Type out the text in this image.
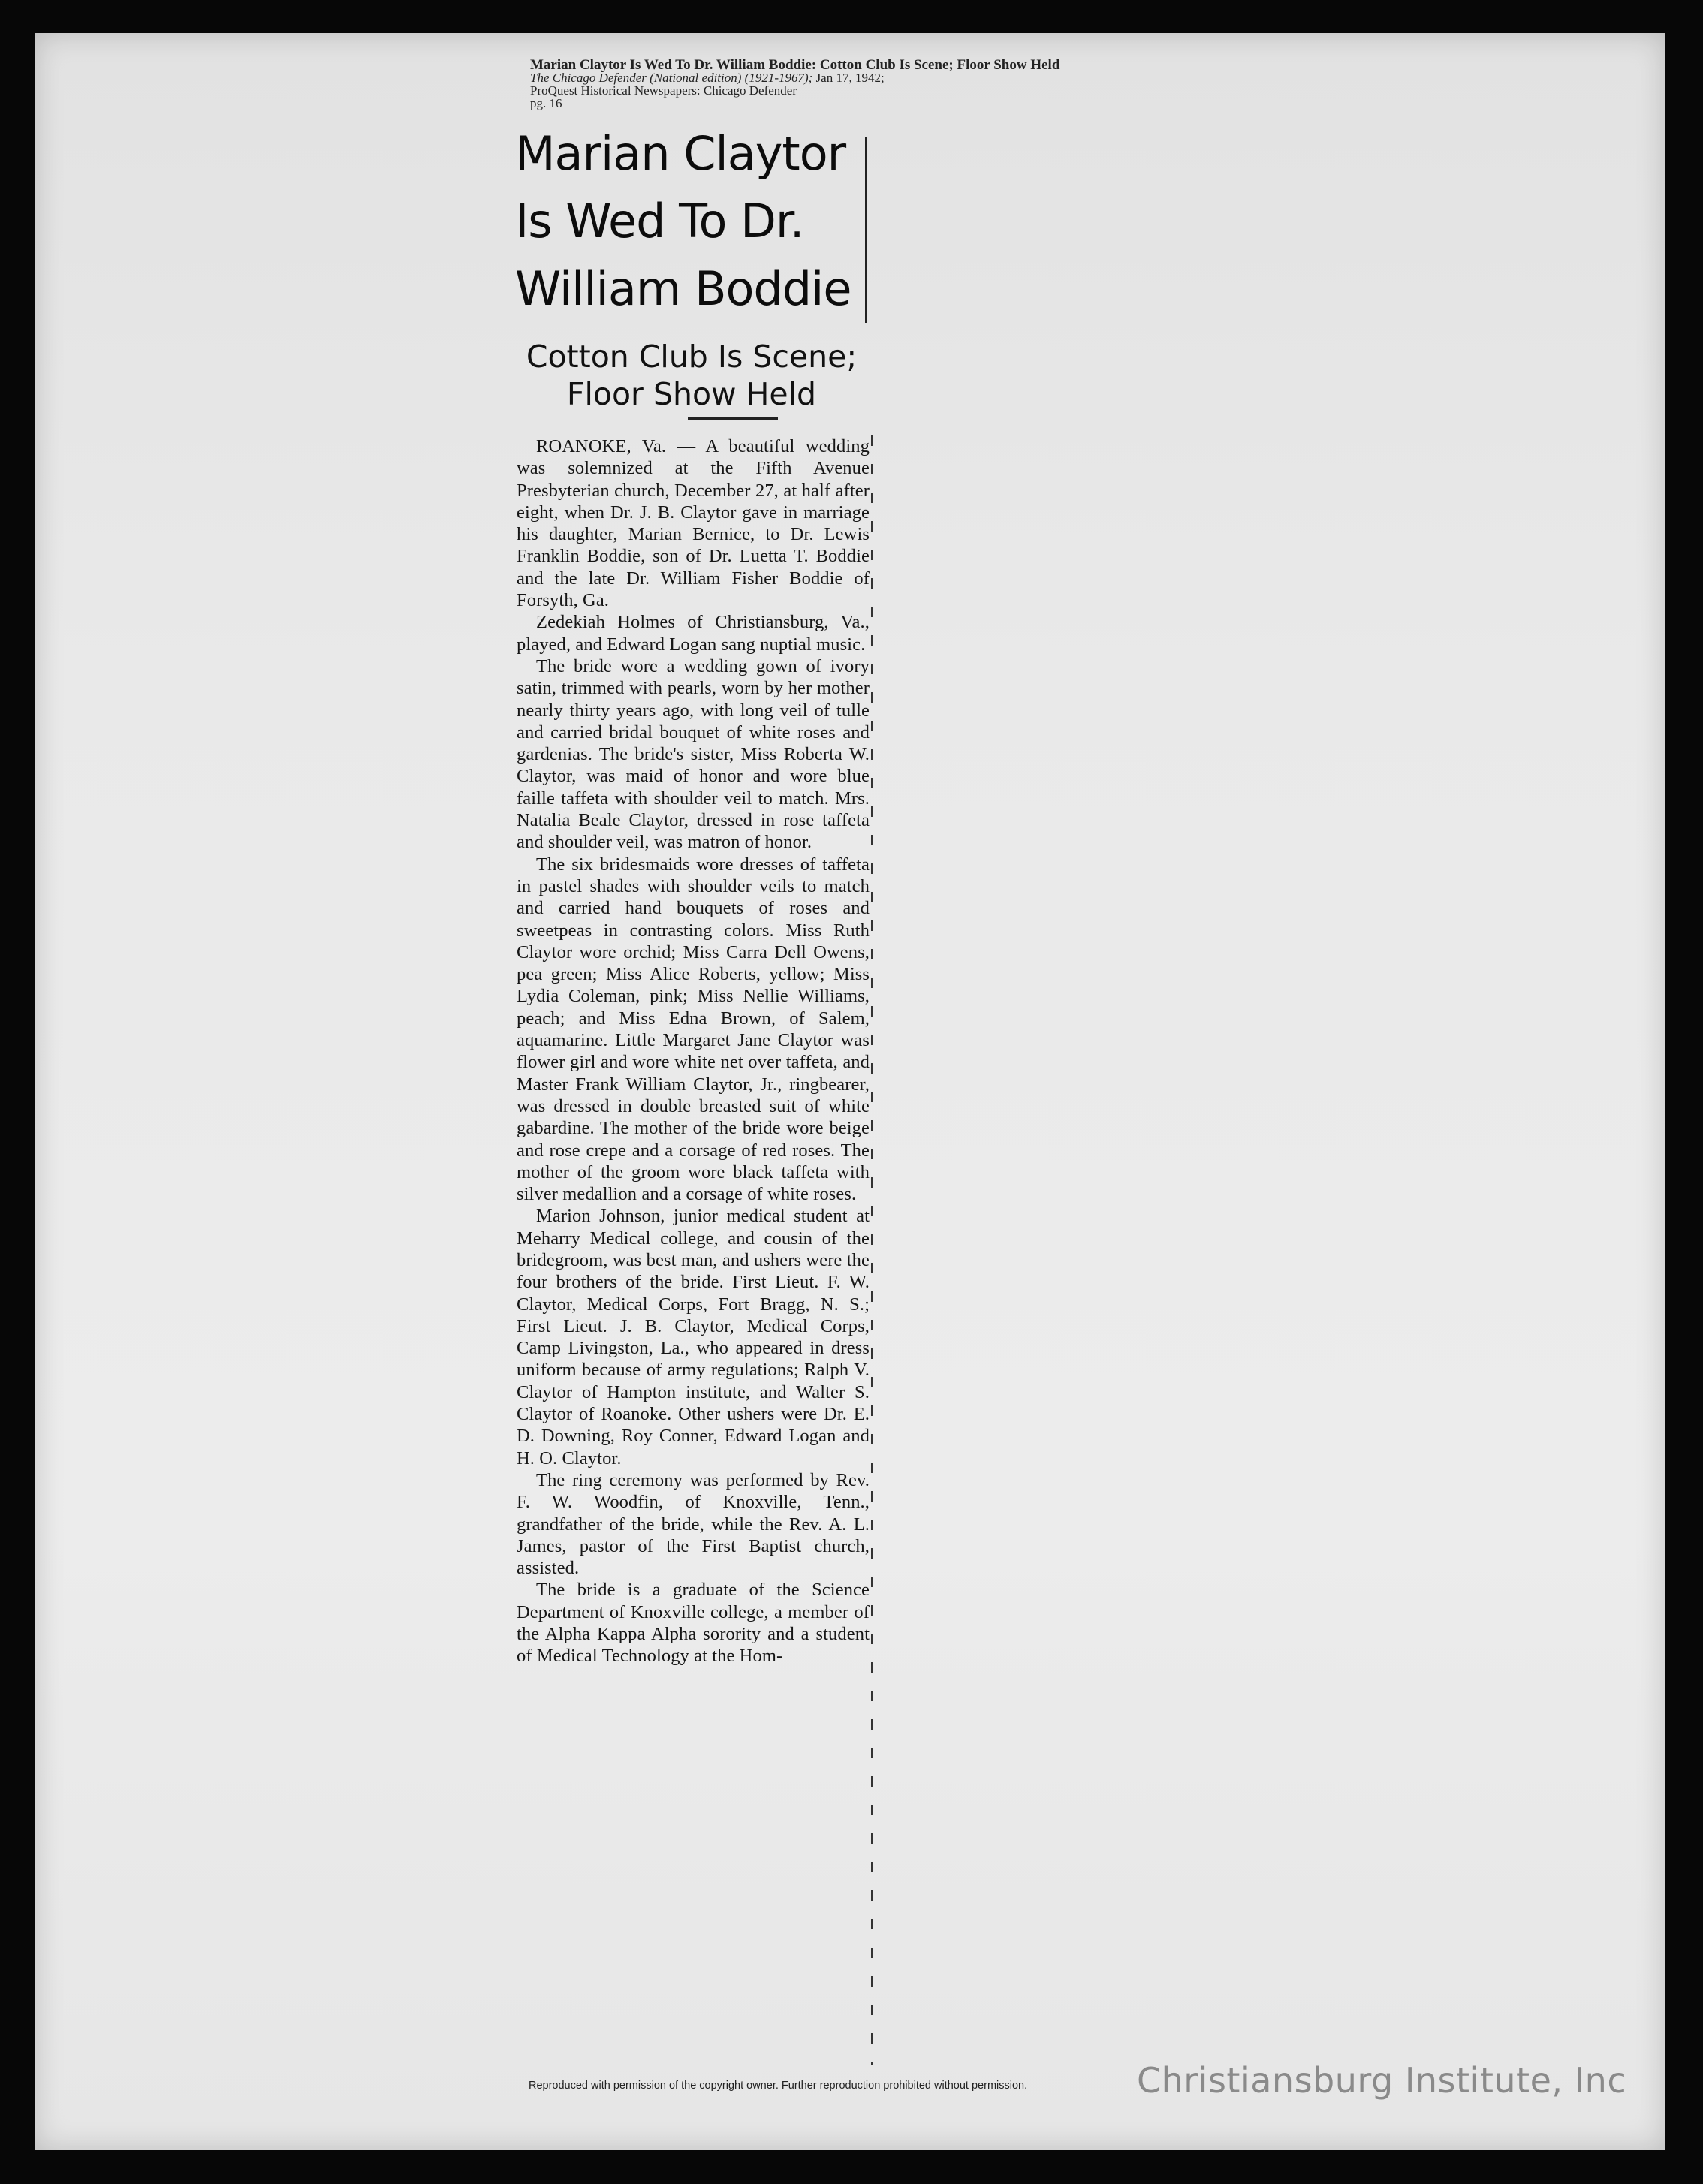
Marian Claytor Is Wed To Dr. William Boddie: Cotton Club Is Scene; Floor Show Held
The Chicago Defender (National edition) (1921-1967); Jan 17, 1942;
ProQuest Historical Newspapers: Chicago Defender
pg. 16
Marian Claytor
Is Wed To Dr.
William Boddie
Cotton Club Is Scene;
Floor Show Held

ROANOKE, Va. — A beautiful wedding was solemnized at the Fifth Avenue Presbyterian church, December 27, at half after eight, when Dr. J. B. Claytor gave in marriage his daughter, Marian Bernice, to Dr. Lewis Franklin Boddie, son of Dr. Luetta T. Boddie and the late Dr. William Fisher Boddie of Forsyth, Ga.

Zedekiah Holmes of Christiansburg, Va., played, and Edward Logan sang nuptial music.

The bride wore a wedding gown of ivory satin, trimmed with pearls, worn by her mother nearly thirty years ago, with long veil of tulle and carried bridal bouquet of white roses and gardenias. The bride's sister, Miss Roberta W. Claytor, was maid of honor and wore blue faille taffeta with shoulder veil to match. Mrs. Natalia Beale Claytor, dressed in rose taffeta and shoulder veil, was matron of honor.

The six bridesmaids wore dresses of taffeta in pastel shades with shoulder veils to match and carried hand bouquets of roses and sweetpeas in contrasting colors. Miss Ruth Claytor wore orchid; Miss Carra Dell Owens, pea green; Miss Alice Roberts, yellow; Miss Lydia Coleman, pink; Miss Nellie Williams, peach; and Miss Edna Brown, of Salem, aquamarine. Little Margaret Jane Claytor was flower girl and wore white net over taffeta, and Master Frank William Claytor, Jr., ringbearer, was dressed in double breasted suit of white gabardine. The mother of the bride wore beige and rose crepe and a corsage of red roses. The mother of the groom wore black taffeta with silver medallion and a corsage of white roses.

Marion Johnson, junior medical student at Meharry Medical college, and cousin of the bridegroom, was best man, and ushers were the four brothers of the bride. First Lieut. F. W. Claytor, Medical Corps, Fort Bragg, N. S.; First Lieut. J. B. Claytor, Medical Corps, Camp Livingston, La., who appeared in dress uniform because of army regulations; Ralph V. Claytor of Hampton institute, and Walter S. Claytor of Roanoke. Other ushers were Dr. E. D. Downing, Roy Conner, Edward Logan and H. O. Claytor.

The ring ceremony was performed by Rev. F. W. Woodfin, of Knoxville, Tenn., grandfather of the bride, while the Rev. A. L. James, pastor of the First Baptist church, assisted.

The bride is a graduate of the Science Department of Knoxville college, a member of the Alpha Kappa Alpha sorority and a student of Medical Technology at the Hom-

Reproduced with permission of the copyright owner. Further reproduction prohibited without permission.	Christiansburg Institute, Inc
